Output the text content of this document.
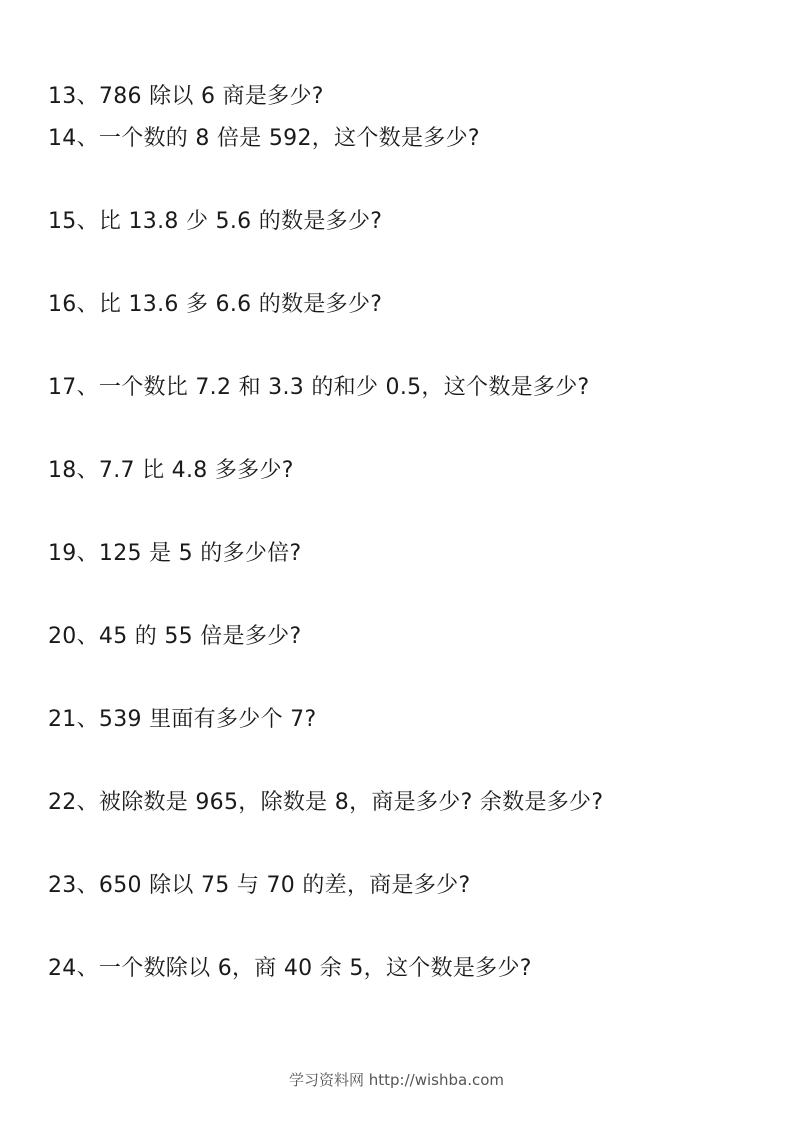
13、786 除以 6 商是多少?
14、一个数的 8 倍是 592，这个数是多少?
15、比 13.8 少 5.6 的数是多少?
16、比 13.6 多 6.6 的数是多少?
17、一个数比 7.2 和 3.3 的和少 0.5，这个数是多少?
18、7.7 比 4.8 多多少?
19、125 是 5 的多少倍?
20、45 的 55 倍是多少?
21、539 里面有多少个 7?
22、被除数是 965，除数是 8，商是多少? 余数是多少?
23、650 除以 75 与 70 的差，商是多少?
24、一个数除以 6，商 40 余 5，这个数是多少?
学习资料网 http://wishba.com
